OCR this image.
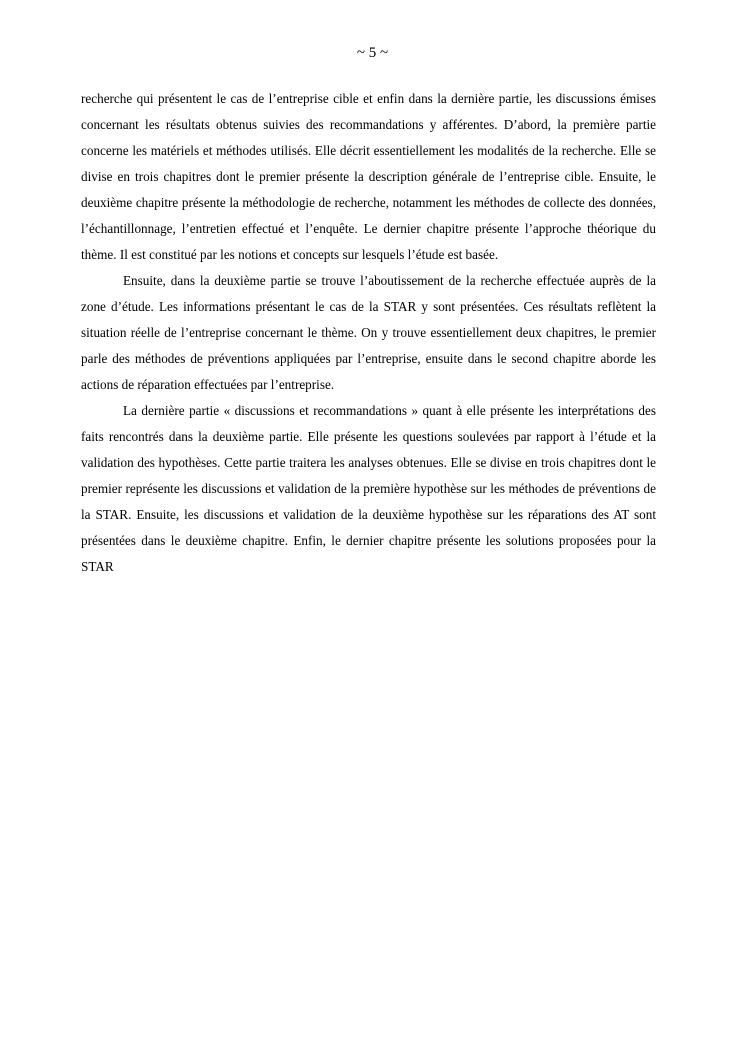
~ 5 ~

recherche qui présentent le cas de l’entreprise cible et enfin dans la dernière partie, les discussions émises concernant les résultats obtenus suivies des recommandations y afférentes. D’abord, la première partie concerne les matériels et méthodes utilisés. Elle décrit essentiellement les modalités de la recherche. Elle se divise en trois chapitres dont le premier présente la description générale de l’entreprise cible. Ensuite, le deuxième chapitre présente la méthodologie de recherche, notamment les méthodes de collecte des données, l’échantillonnage, l’entretien effectué et l’enquête. Le dernier chapitre présente l’approche théorique du thème. Il est constitué par les notions et concepts sur lesquels l’étude est basée.

Ensuite, dans la deuxième partie se trouve l’aboutissement de la recherche effectuée auprès de la zone d’étude. Les informations présentant le cas de la STAR y sont présentées. Ces résultats reflètent la situation réelle de l’entreprise concernant le thème. On y trouve essentiellement deux chapitres, le premier parle des méthodes de préventions appliquées par l’entreprise, ensuite dans le second chapitre aborde les actions de réparation effectuées par l’entreprise.

La dernière partie « discussions et recommandations » quant à elle présente les interprétations des faits rencontrés dans la deuxième partie. Elle présente les questions soulevées par rapport à l’étude et la validation des hypothèses. Cette partie traitera les analyses obtenues. Elle se divise en trois chapitres dont le premier représente les discussions et validation de la première hypothèse sur les méthodes de préventions de la STAR. Ensuite, les discussions et validation de la deuxième hypothèse sur les réparations des AT sont présentées dans le deuxième chapitre. Enfin, le dernier chapitre présente les solutions proposées pour la STAR
